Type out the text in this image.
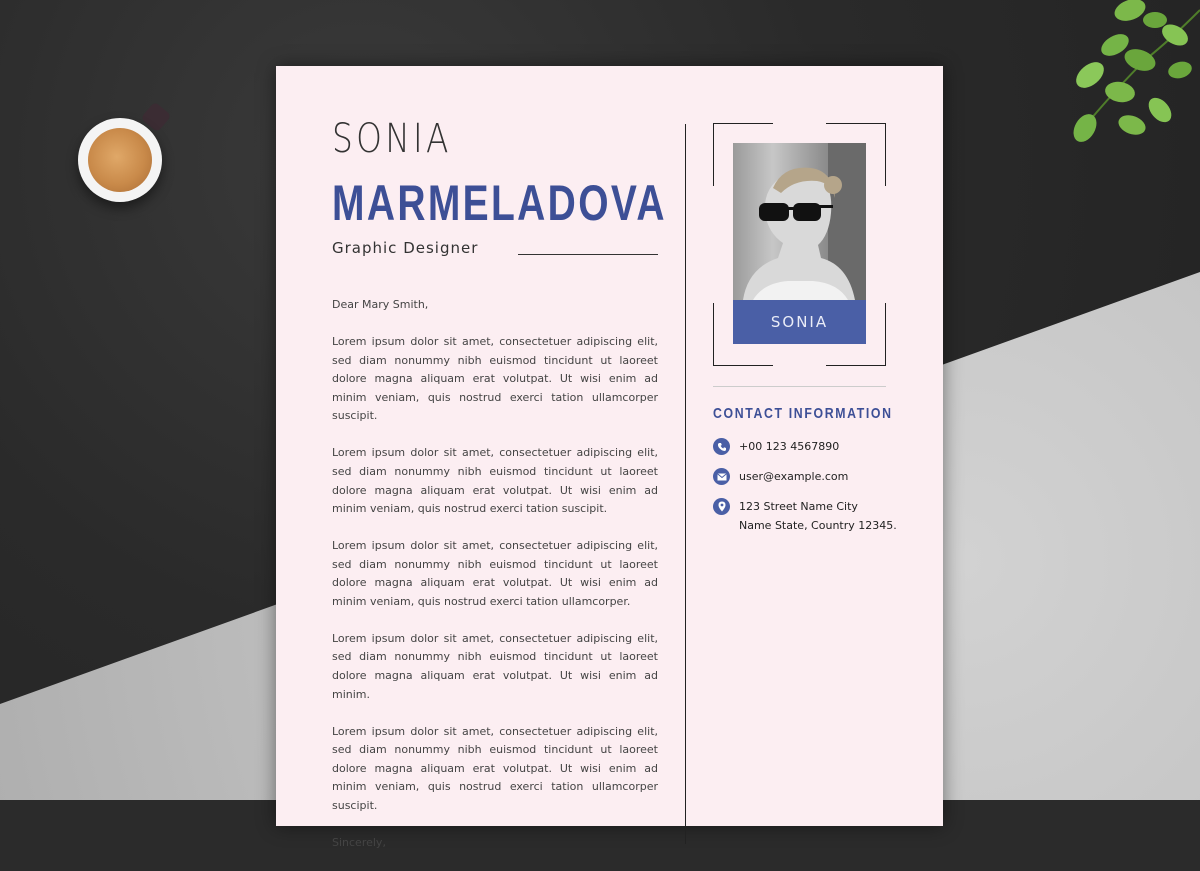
SONIA
MARMELADOVA
Graphic Designer

Dear Mary Smith,

Lorem ipsum dolor sit amet, consectetuer adipiscing elit, sed diam nonummy nibh euismod tincidunt ut laoreet dolore magna aliquam erat volutpat. Ut wisi enim ad minim veniam, quis nostrud exerci tation ullamcorper suscipit.

Lorem ipsum dolor sit amet, consectetuer adipiscing elit, sed diam nonummy nibh euismod tincidunt ut laoreet dolore magna aliquam erat volutpat. Ut wisi enim ad minim veniam, quis nostrud exerci tation suscipit.

Lorem ipsum dolor sit amet, consectetuer adipiscing elit, sed diam nonummy nibh euismod tincidunt ut laoreet dolore magna aliquam erat volutpat. Ut wisi enim ad minim veniam, quis nostrud exerci tation ullamcorper.

Lorem ipsum dolor sit amet, consectetuer adipiscing elit, sed diam nonummy nibh euismod tincidunt ut laoreet dolore magna aliquam erat volutpat. Ut wisi enim ad minim.

Lorem ipsum dolor sit amet, consectetuer adipiscing elit, sed diam nonummy nibh euismod tincidunt ut laoreet dolore magna aliquam erat volutpat. Ut wisi enim ad minim veniam, quis nostrud exerci tation ullamcorper suscipit.

Sincerely,

SONIA
CONTACT INFORMATION
+00 123 4567890
user@example.com
123 Street Name City
Name State, Country 12345.
